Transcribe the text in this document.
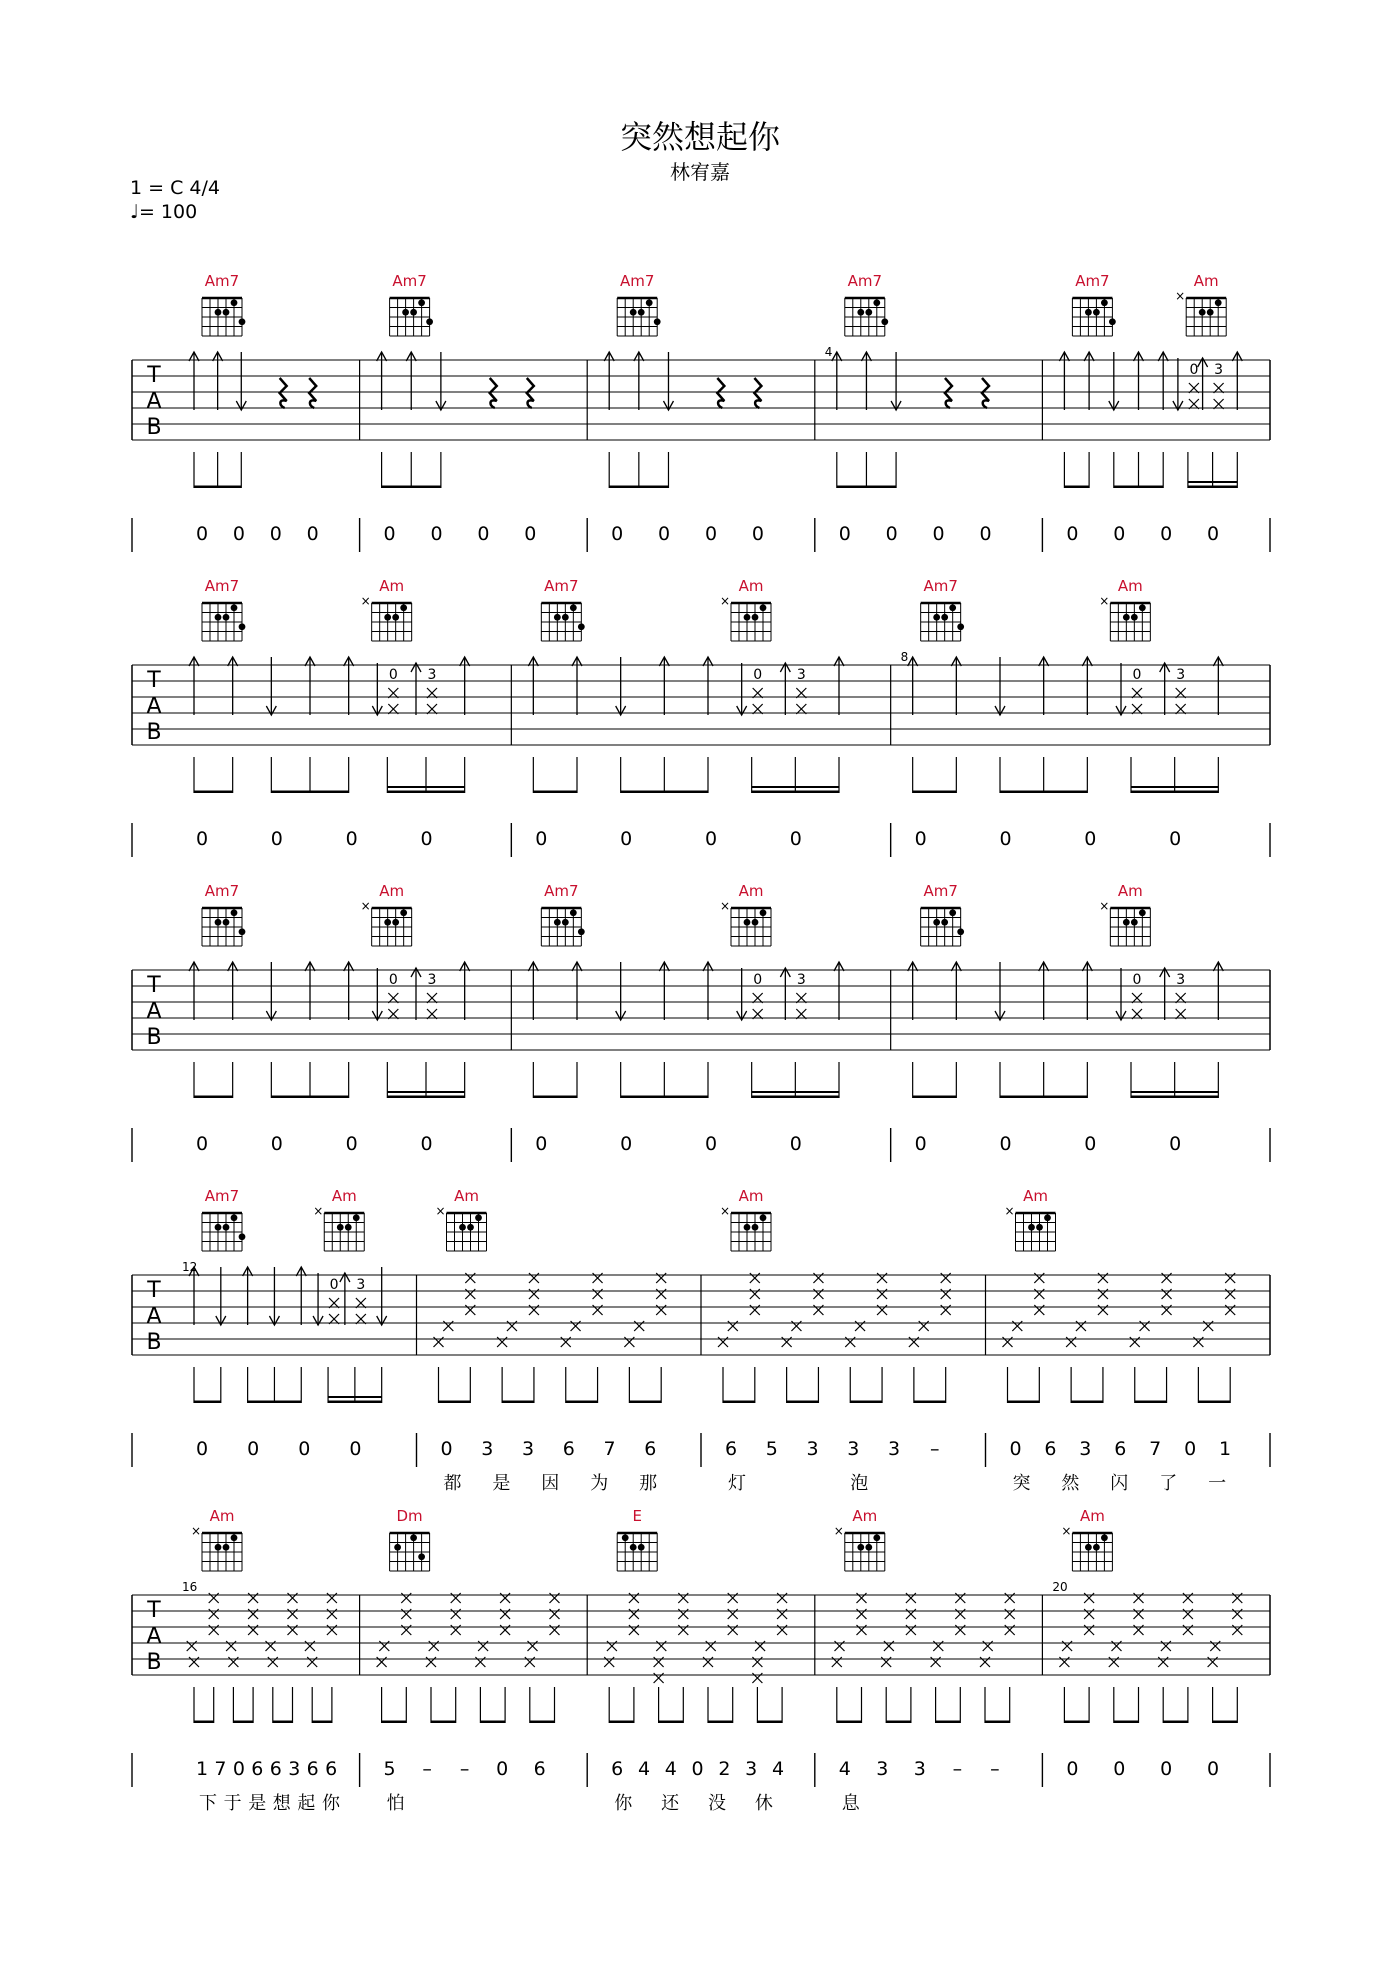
突然想起你
林宥嘉
1 = C 4/4
♩= 100
T
A
B
Am7
0 0 0 0
Am7
0 0 0 0
Am7
0 0 0 0
4
Am7
0 0 0 0
Am7	Am
×
0 3
0 0 0 0
T
A
B
Am7	Am
×
0 3
0	0	0	0
Am7	Am
×
0 3
0	0	0	0
8
Am7	Am
×
0 3
0	0	0	0
T
A
B
Am7	Am
×
0 3
0	0	0	0
Am7	Am
×
0 3
0	0	0	0
Am7	Am
×
0 3
0	0	0	0
T
A
B
12
Am7	Am
×
0 3
0 0 0 0
Am
×
0 3 3 6 7 6
都 是 因 为 那
Am
×
6 5 3 3 3 –
灯	泡
Am
×
0 6 3 6 7 0 1
突 然 闪 了 一
T
A
B
16
Am
×
1 7 0 6 6 3 6 6
下 于 是 想 起 你
Dm
5 – – 0 6
怕
E
6 4 4 0 2 3 4
你 还 没 休
Am
×
4 3 3 – –
息
20
Am
×
0 0 0 0
